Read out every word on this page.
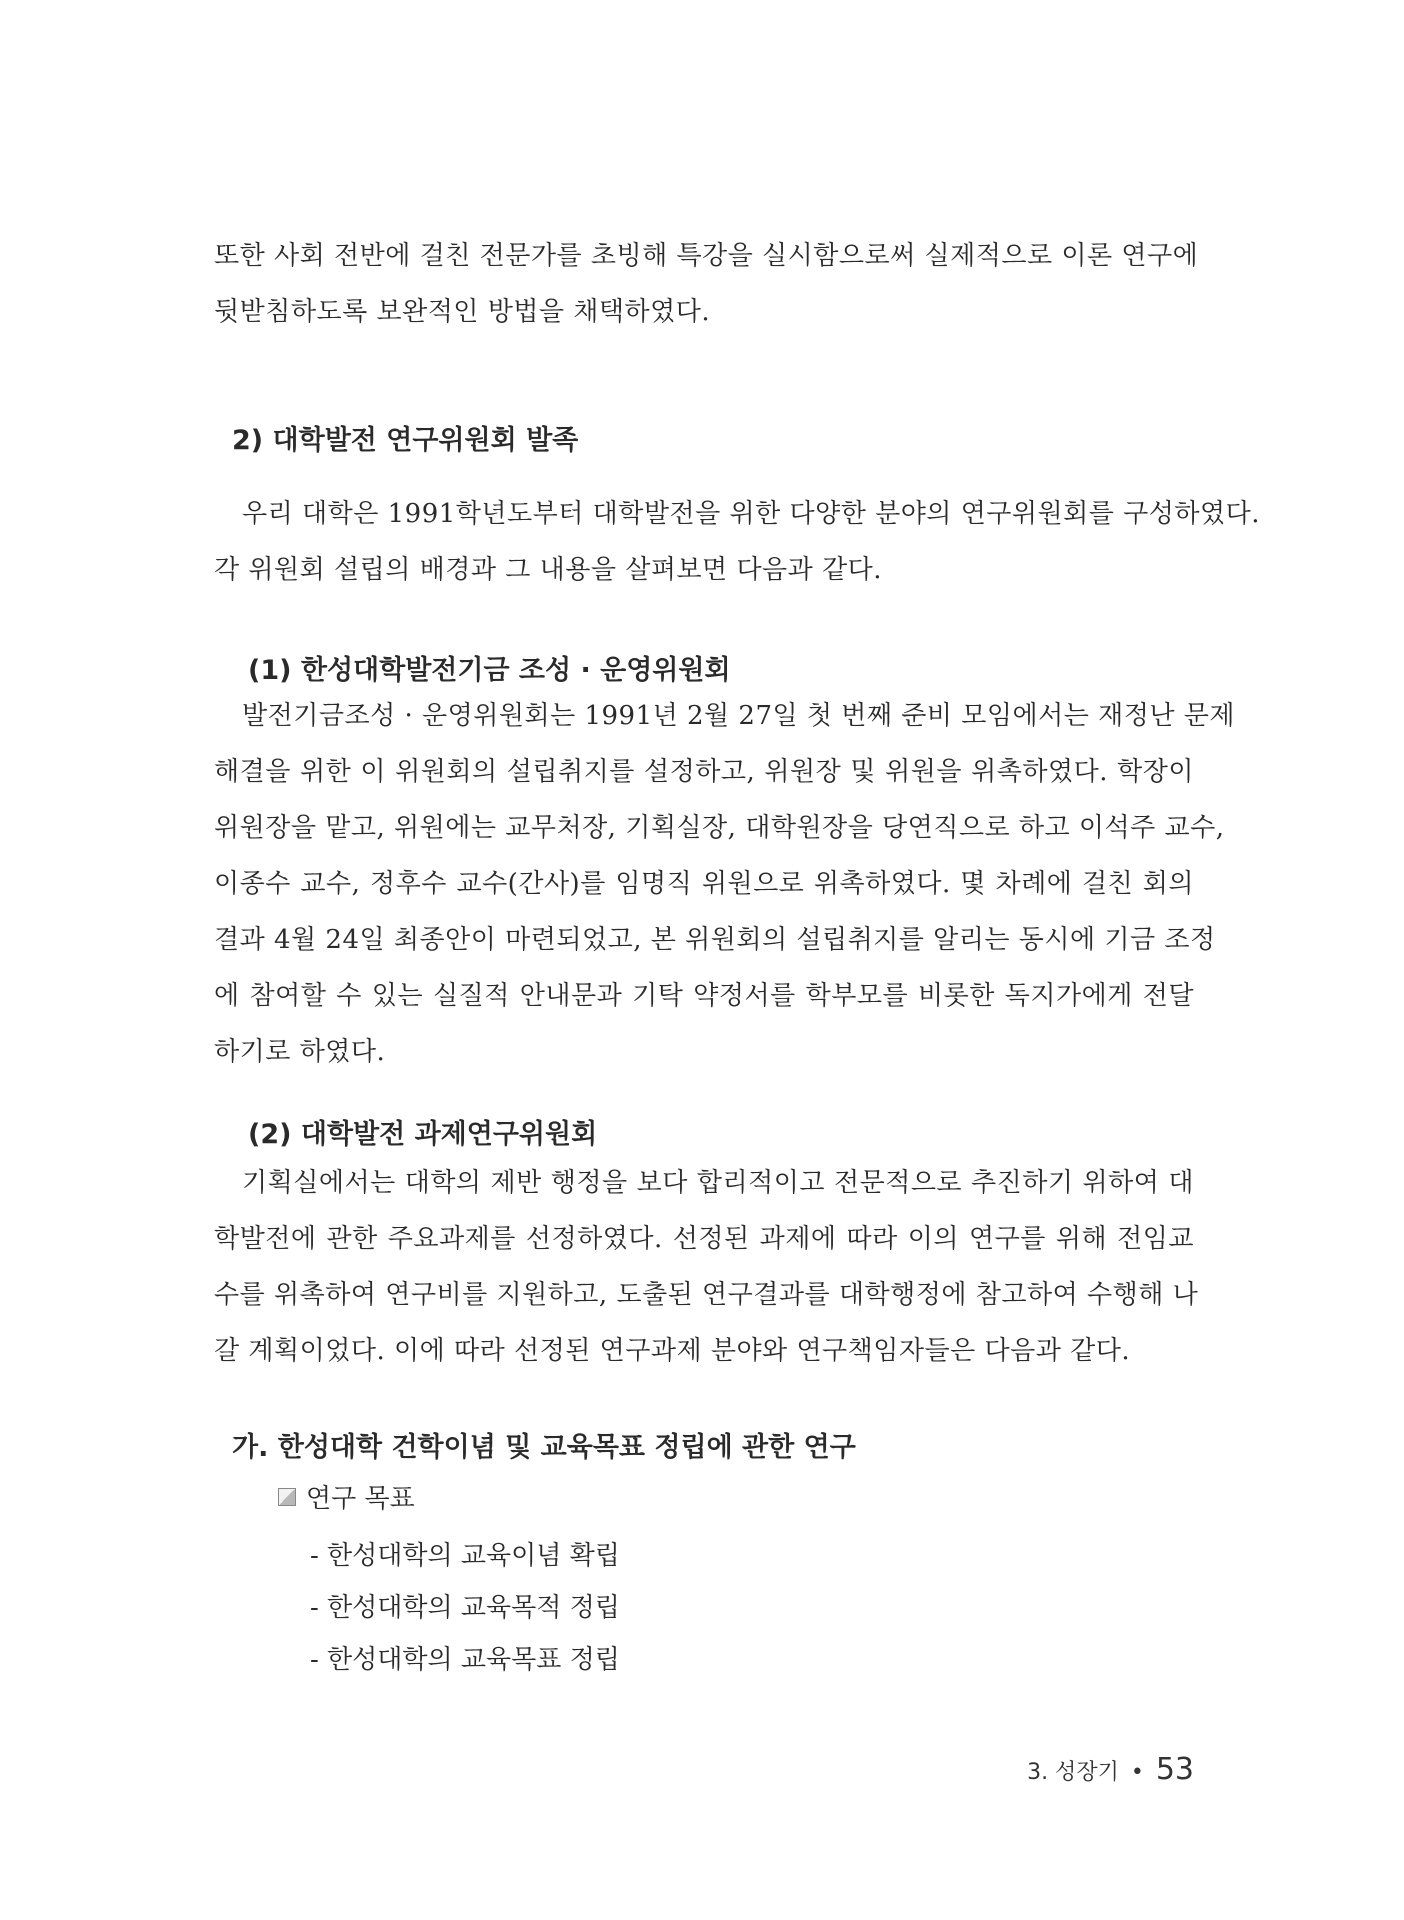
또한 사회 전반에 걸친 전문가를 초빙해 특강을 실시함으로써 실제적으로 이론 연구에
뒷받침하도록 보완적인 방법을 채택하였다.

2) 대학발전 연구위원회 발족

우리 대학은 1991학년도부터 대학발전을 위한 다양한 분야의 연구위원회를 구성하였다.
각 위원회 설립의 배경과 그 내용을 살펴보면 다음과 같다.

(1) 한성대학발전기금 조성 · 운영위원회

발전기금조성 · 운영위원회는 1991년 2월 27일 첫 번째 준비 모임에서는 재정난 문제
해결을 위한 이 위원회의 설립취지를 설정하고, 위원장 및 위원을 위촉하였다. 학장이
위원장을 맡고, 위원에는 교무처장, 기획실장, 대학원장을 당연직으로 하고 이석주 교수,
이종수 교수, 정후수 교수(간사)를 임명직 위원으로 위촉하였다. 몇 차례에 걸친 회의
결과 4월 24일 최종안이 마련되었고, 본 위원회의 설립취지를 알리는 동시에 기금 조정
에 참여할 수 있는 실질적 안내문과 기탁 약정서를 학부모를 비롯한 독지가에게 전달
하기로 하였다.

(2) 대학발전 과제연구위원회

기획실에서는 대학의 제반 행정을 보다 합리적이고 전문적으로 추진하기 위하여 대
학발전에 관한 주요과제를 선정하였다. 선정된 과제에 따라 이의 연구를 위해 전임교
수를 위촉하여 연구비를 지원하고, 도출된 연구결과를 대학행정에 참고하여 수행해 나
갈 계획이었다. 이에 따라 선정된 연구과제 분야와 연구책임자들은 다음과 같다.

가. 한성대학 건학이념 및 교육목표 정립에 관한 연구
연구 목표
- 한성대학의 교육이념 확립
- 한성대학의 교육목적 정립
- 한성대학의 교육목표 정립
3. 성장기 • 53
